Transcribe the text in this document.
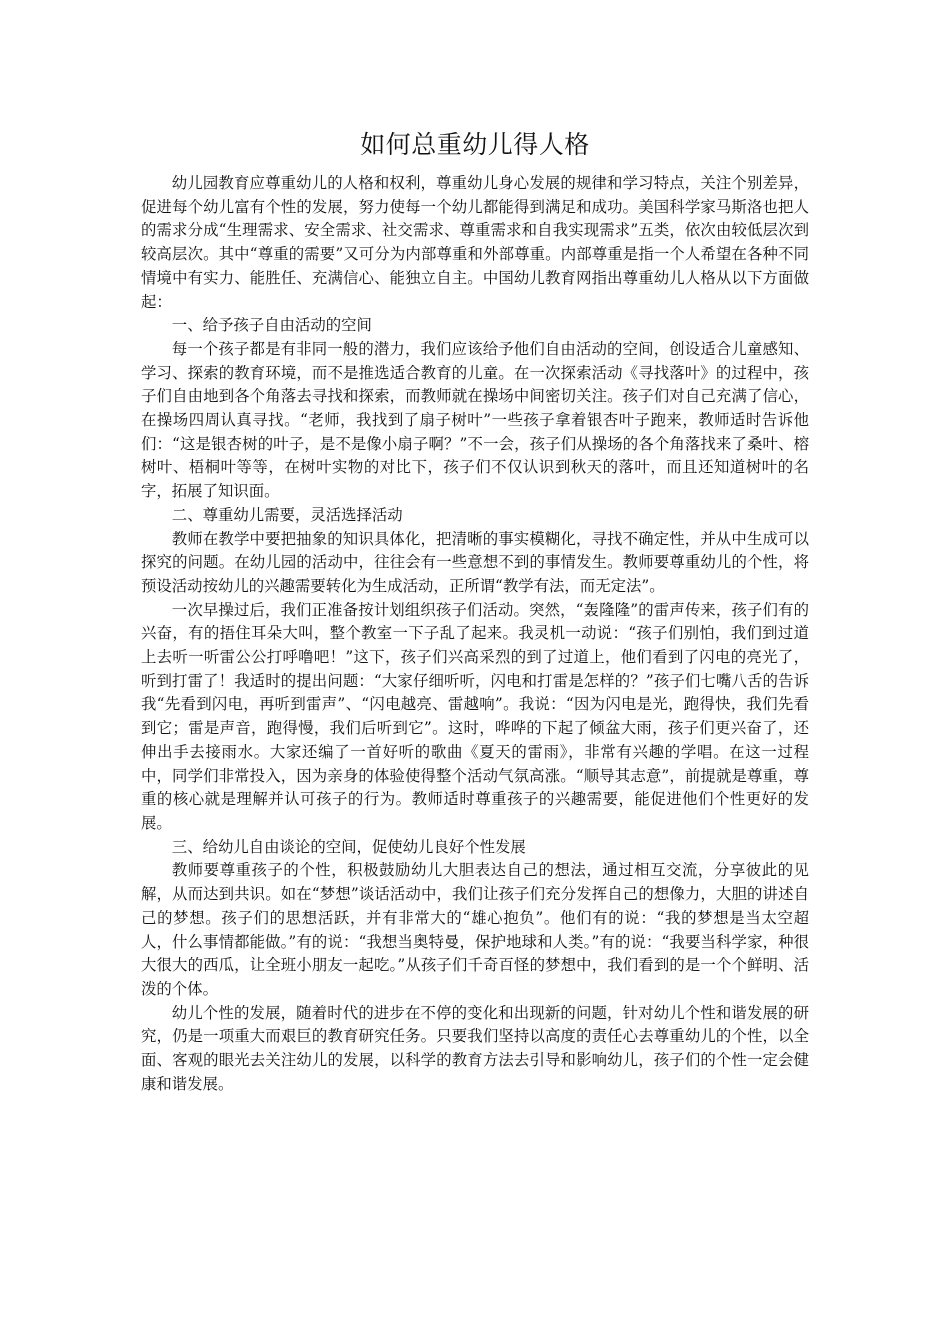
如何总重幼儿得人格

幼儿园教育应尊重幼儿的人格和权利，尊重幼儿身心发展的规律和学习特点，关注个别差异，促进每个幼儿富有个性的发展，努力使每一个幼儿都能得到满足和成功。美国科学家马斯洛也把人的需求分成“生理需求、安全需求、社交需求、尊重需求和自我实现需求”五类，依次由较低层次到较高层次。其中“尊重的需要”又可分为内部尊重和外部尊重。内部尊重是指一个人希望在各种不同情境中有实力、能胜任、充满信心、能独立自主。中国幼儿教育网指出尊重幼儿人格从以下方面做起：

一、给予孩子自由活动的空间

每一个孩子都是有非同一般的潜力，我们应该给予他们自由活动的空间，创设适合儿童感知、学习、探索的教育环境，而不是推选适合教育的儿童。在一次探索活动《寻找落叶》的过程中，孩子们自由地到各个角落去寻找和探索，而教师就在操场中间密切关注。孩子们对自己充满了信心，在操场四周认真寻找。“老师，我找到了扇子树叶”一些孩子拿着银杏叶子跑来，教师适时告诉他们：“这是银杏树的叶子，是不是像小扇子啊？”不一会，孩子们从操场的各个角落找来了桑叶、榕树叶、梧桐叶等等，在树叶实物的对比下，孩子们不仅认识到秋天的落叶，而且还知道树叶的名字，拓展了知识面。

二、尊重幼儿需要，灵活选择活动

教师在教学中要把抽象的知识具体化，把清晰的事实模糊化，寻找不确定性，并从中生成可以探究的问题。在幼儿园的活动中，往往会有一些意想不到的事情发生。教师要尊重幼儿的个性，将预设活动按幼儿的兴趣需要转化为生成活动，正所谓“教学有法，而无定法”。

一次早操过后，我们正准备按计划组织孩子们活动。突然，“轰隆隆”的雷声传来，孩子们有的兴奋，有的捂住耳朵大叫，整个教室一下子乱了起来。我灵机一动说：“孩子们别怕，我们到过道上去听一听雷公公打呼噜吧！”这下，孩子们兴高采烈的到了过道上，他们看到了闪电的亮光了，听到打雷了！我适时的提出问题：“大家仔细听听，闪电和打雷是怎样的？”孩子们七嘴八舌的告诉我“先看到闪电，再听到雷声”、“闪电越亮、雷越响”。我说：“因为闪电是光，跑得快，我们先看到它；雷是声音，跑得慢，我们后听到它”。这时，哗哗的下起了倾盆大雨，孩子们更兴奋了，还伸出手去接雨水。大家还编了一首好听的歌曲《夏天的雷雨》，非常有兴趣的学唱。在这一过程中，同学们非常投入，因为亲身的体验使得整个活动气氛高涨。“顺导其志意”，前提就是尊重，尊重的核心就是理解并认可孩子的行为。教师适时尊重孩子的兴趣需要，能促进他们个性更好的发展。

三、给幼儿自由谈论的空间，促使幼儿良好个性发展

教师要尊重孩子的个性，积极鼓励幼儿大胆表达自己的想法，通过相互交流，分享彼此的见解，从而达到共识。如在“梦想”谈话活动中，我们让孩子们充分发挥自己的想像力，大胆的讲述自己的梦想。孩子们的思想活跃，并有非常大的“雄心抱负”。他们有的说：“我的梦想是当太空超人，什么事情都能做。”有的说：“我想当奥特曼，保护地球和人类。”有的说：“我要当科学家，种很大很大的西瓜，让全班小朋友一起吃。”从孩子们千奇百怪的梦想中，我们看到的是一个个鲜明、活泼的个体。

幼儿个性的发展，随着时代的进步在不停的变化和出现新的问题，针对幼儿个性和谐发展的研究，仍是一项重大而艰巨的教育研究任务。只要我们坚持以高度的责任心去尊重幼儿的个性，以全面、客观的眼光去关注幼儿的发展，以科学的教育方法去引导和影响幼儿，孩子们的个性一定会健康和谐发展。
